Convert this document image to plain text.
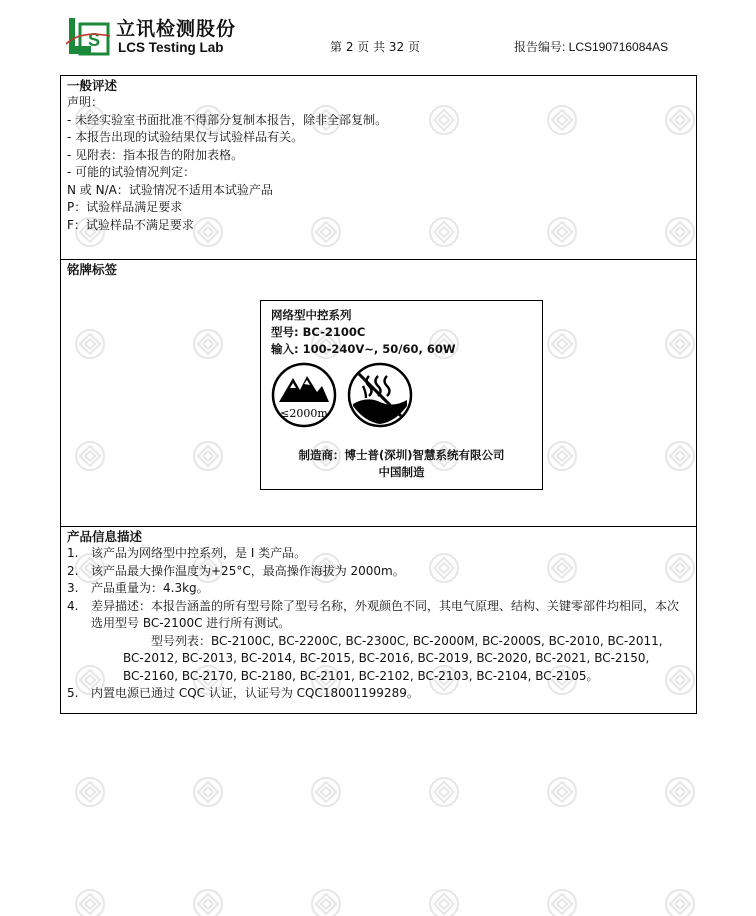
S 立讯检测股份
LCS Testing Lab	第 2 页 共 32 页	报告编号: LCS190716084AS
一般评述
声明：
- 未经实验室书面批准不得部分复制本报告，除非全部复制。
- 本报告出现的试验结果仅与试验样品有关。
- 见附表：指本报告的附加表格。
- 可能的试验情况判定：
N 或 N/A：试验情况不适用本试验产品
P：试验样品满足要求
F：试验样品不满足要求
铭牌标签
网络型中控系列
型号: BC-2100C
输入: 100-240V~, 50/60, 60W
≤2000m
制造商：博士普(深圳)智慧系统有限公司
中国制造
产品信息描述
1.	该产品为网络型中控系列，是 I 类产品。
2.	该产品最大操作温度为+25°C，最高操作海拔为 2000m。
3.	产品重量为：4.3kg。
4.	差异描述：本报告涵盖的所有型号除了型号名称，外观颜色不同，其电气原理、结构、关键零部件均相同，本次选用型号 BC-2100C 进行所有测试。
型号列表：BC-2100C, BC-2200C, BC-2300C, BC-2000M, BC-2000S, BC-2010, BC-2011,
BC-2012, BC-2013, BC-2014, BC-2015, BC-2016, BC-2019, BC-2020, BC-2021, BC-2150,
BC-2160, BC-2170, BC-2180, BC-2101, BC-2102, BC-2103, BC-2104, BC-2105。
5.	内置电源已通过 CQC 认证，认证号为 CQC18001199289。
